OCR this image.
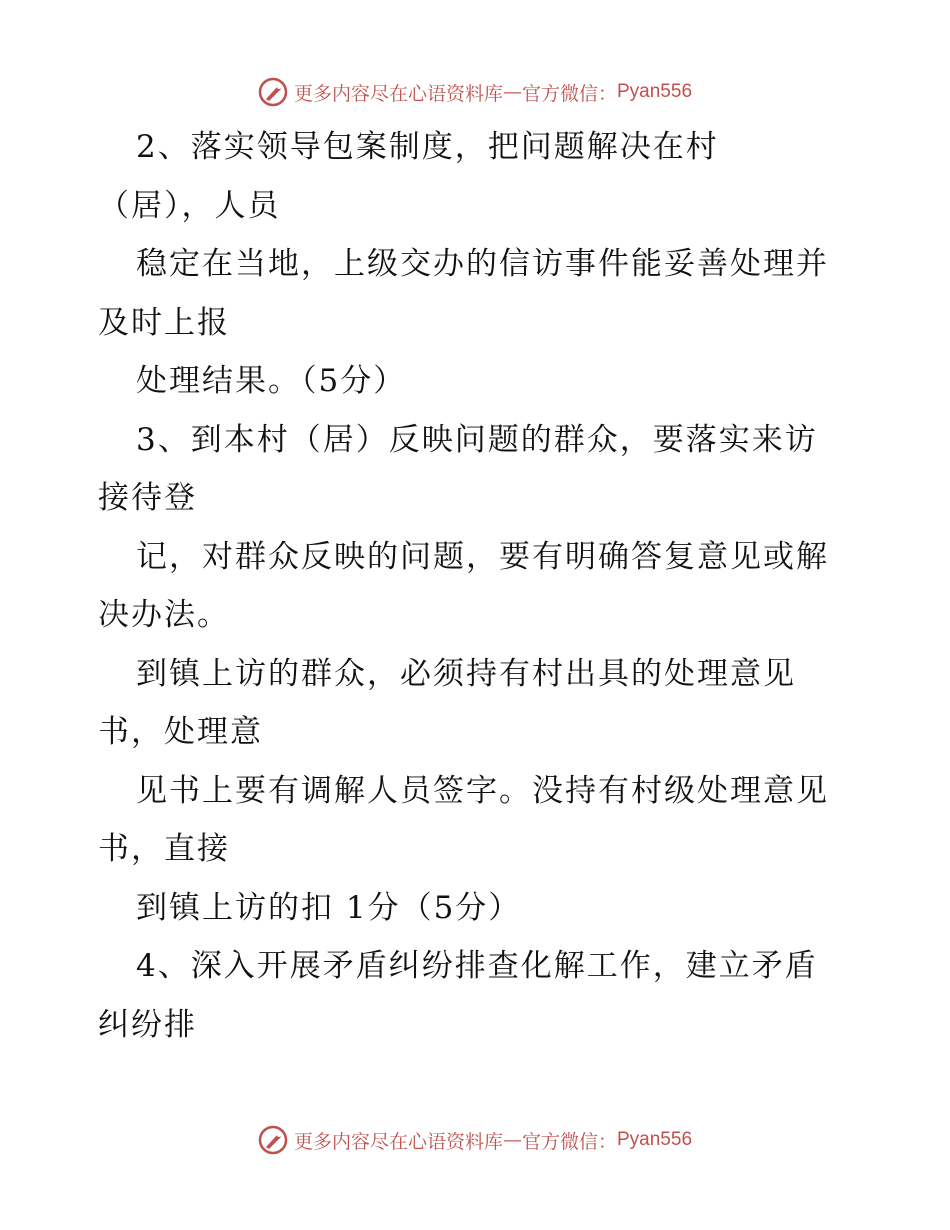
更多内容尽在心语资料库 — 官方微信： Pyan556
2、落实领导包案制度，把问题解决在村
（居），人员
稳定在当地，上级交办的信访事件能妥善处理并
及时上报
处理结果。（5分）
3、到本村（居）反映问题的群众，要落实来访
接待登
记，对群众反映的问题，要有明确答复意见或解
决办法。
到镇上访的群众，必须持有村出具的处理意见
书，处理意
见书上要有调解人员签字。没持有村级处理意见
书，直接
到镇上访的扣 1分（5分）
4、深入开展矛盾纠纷排查化解工作，建立矛盾
纠纷排
更多内容尽在心语资料库 — 官方微信： Pyan556
